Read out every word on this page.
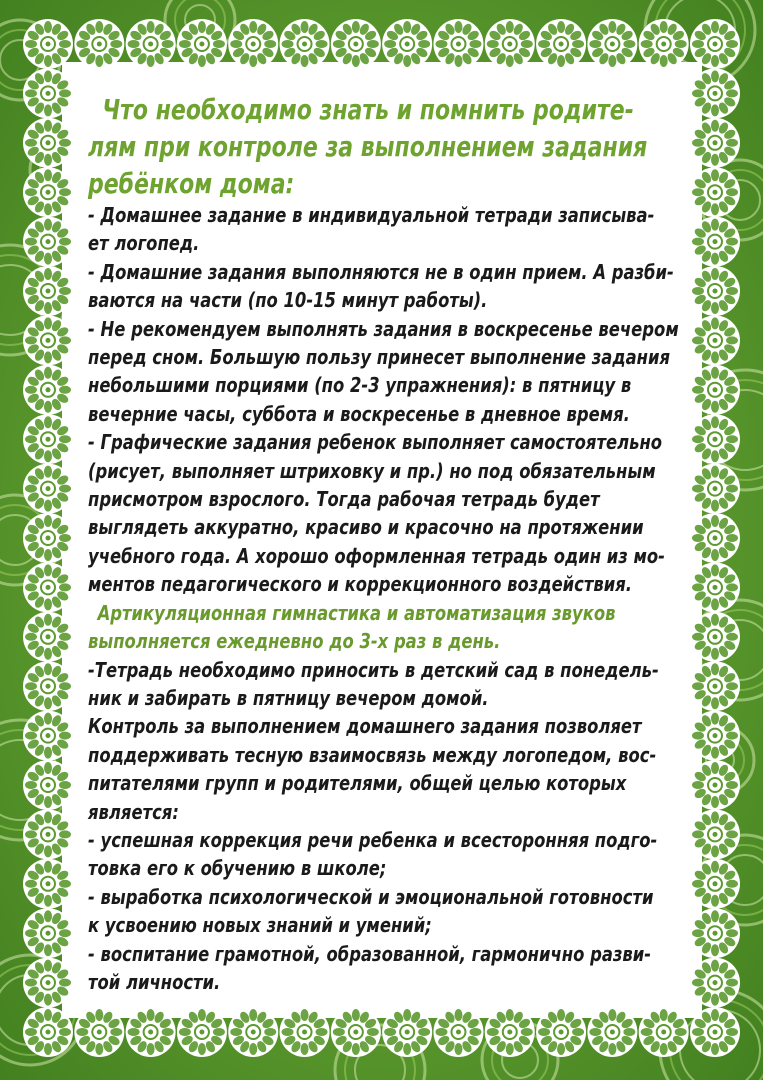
Что необходимо знать и помнить родите-
лям при контроле за выполнением задания
ребёнком дома:
- Домашнее задание в индивидуальной тетради записыва-
ет логопед.
- Домашние задания выполняются не в один прием. А разби-
ваются на части (по 10-15 минут работы).
- Не рекомендуем выполнять задания в воскресенье вечером
перед сном. Большую пользу принесет выполнение задания
небольшими порциями (по 2-3 упражнения): в пятницу в
вечерние часы, суббота и воскресенье в дневное время.
- Графические задания ребенок выполняет самостоятельно
(рисует, выполняет штриховку и пр.) но под обязательным
присмотром взрослого. Тогда рабочая тетрадь будет
выглядеть аккуратно, красиво и красочно на протяжении
учебного года. А хорошо оформленная тетрадь один из мо-
ментов педагогического и коррекционного воздействия.
Артикуляционная гимнастика и автоматизация звуков
выполняется ежедневно до 3-х раз в день.
-Тетрадь необходимо приносить в детский сад в понедель-
ник и забирать в пятницу вечером домой.
Контроль за выполнением домашнего задания позволяет
поддерживать тесную взаимосвязь между логопедом, вос-
питателями групп и родителями, общей целью которых
является:
- успешная коррекция речи ребенка и всесторонняя подго-
товка его к обучению в школе;
- выработка психологической и эмоциональной готовности
к усвоению новых знаний и умений;
- воспитание грамотной, образованной, гармонично разви-
той личности.
